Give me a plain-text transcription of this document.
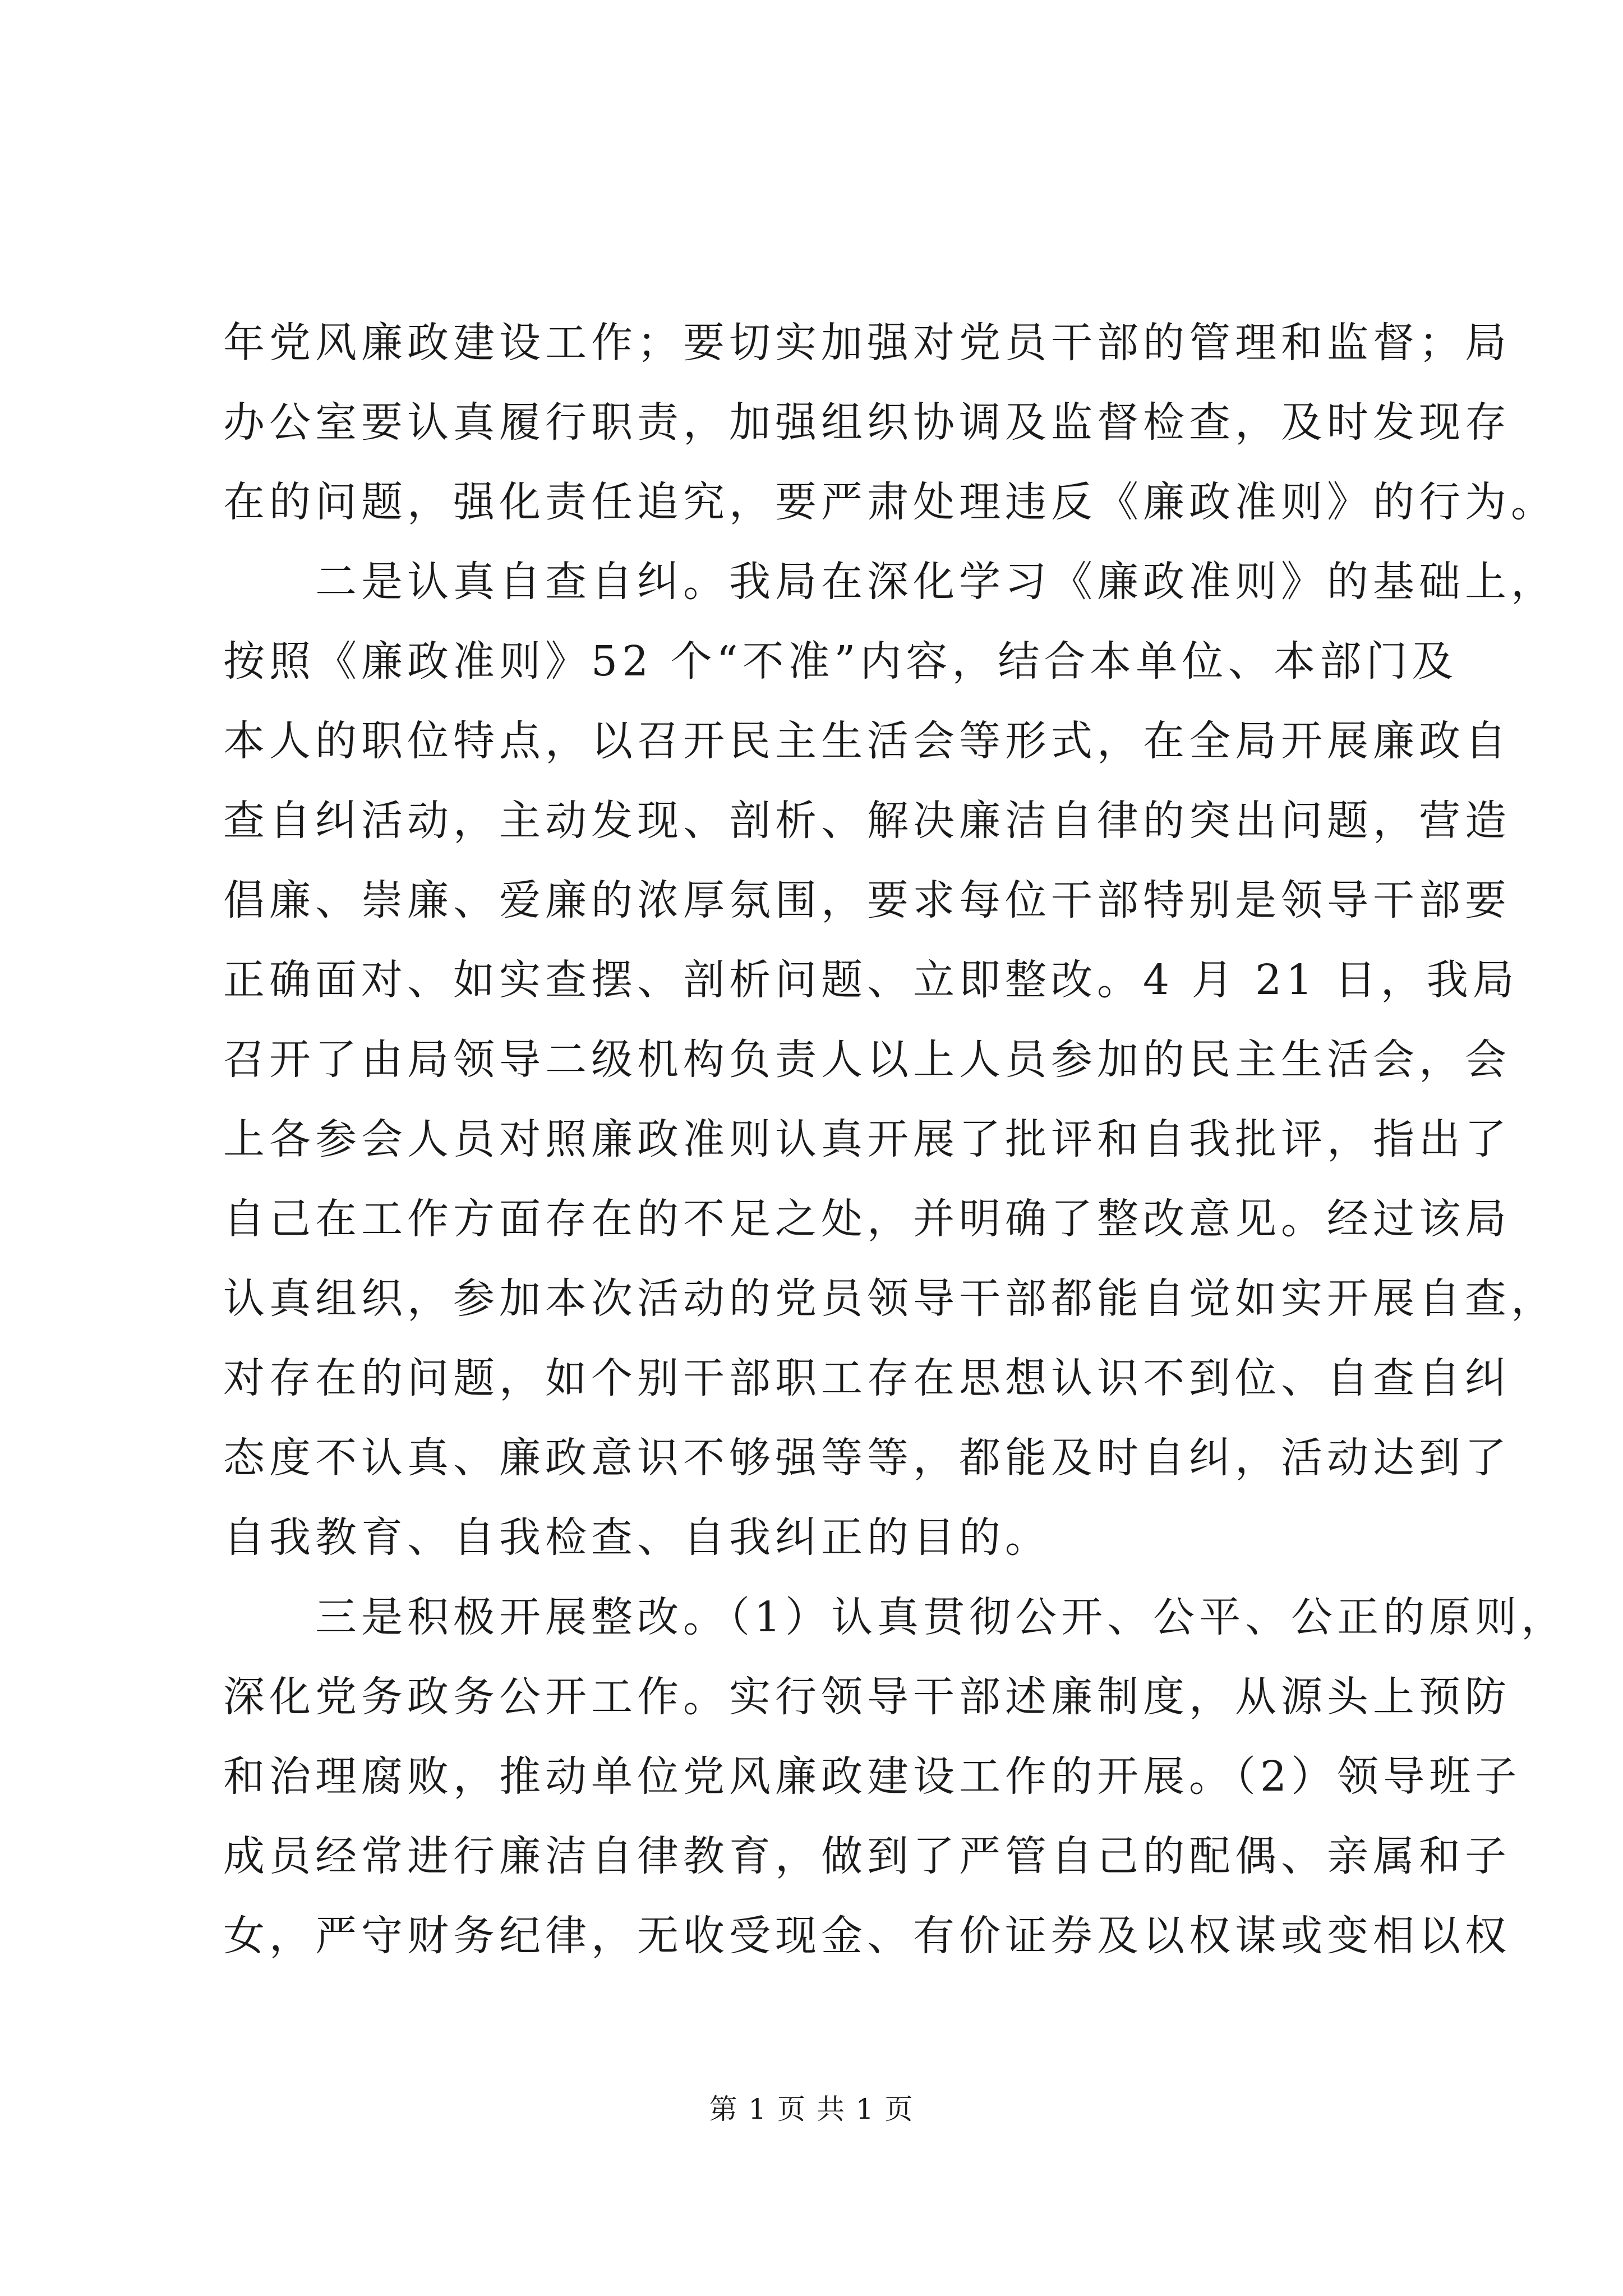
年党风廉政建设工作；要切实加强对党员干部的管理和监督；局
办公室要认真履行职责，加强组织协调及监督检查，及时发现存
在的问题，强化责任追究，要严肃处理违反《廉政准则》的行为。
二是认真自查自纠。我局在深化学习《廉政准则》的基础上，
按照《廉政准则》52 个“不准”内容，结合本单位、本部门及
本人的职位特点，以召开民主生活会等形式，在全局开展廉政自
查自纠活动，主动发现、剖析、解决廉洁自律的突出问题，营造
倡廉、崇廉、爱廉的浓厚氛围，要求每位干部特别是领导干部要
正确面对、如实查摆、剖析问题、立即整改。4 月 21 日，我局
召开了由局领导二级机构负责人以上人员参加的民主生活会，会
上各参会人员对照廉政准则认真开展了批评和自我批评，指出了
自己在工作方面存在的不足之处，并明确了整改意见。经过该局
认真组织，参加本次活动的党员领导干部都能自觉如实开展自查，
对存在的问题，如个别干部职工存在思想认识不到位、自查自纠
态度不认真、廉政意识不够强等等，都能及时自纠，活动达到了
自我教育、自我检查、自我纠正的目的。
三是积极开展整改。（1）认真贯彻公开、公平、公正的原则，
深化党务政务公开工作。实行领导干部述廉制度，从源头上预防
和治理腐败，推动单位党风廉政建设工作的开展。（2）领导班子
成员经常进行廉洁自律教育，做到了严管自己的配偶、亲属和子
女，严守财务纪律，无收受现金、有价证券及以权谋或变相以权
第 1 页 共 1 页
